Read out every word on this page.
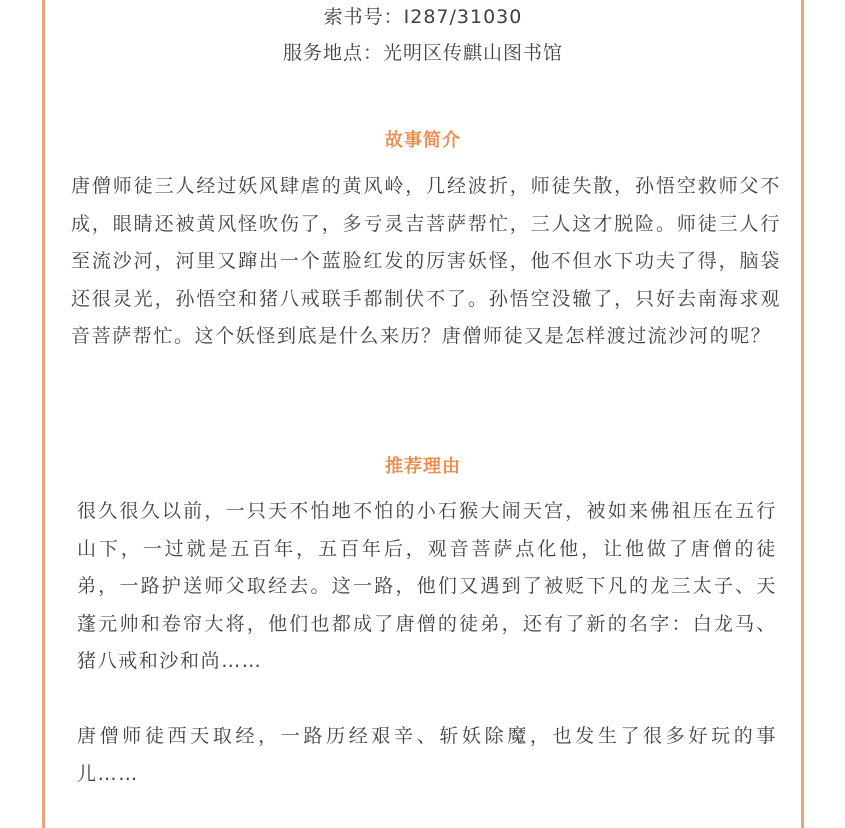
索书号：I287/31030
服务地点：光明区传麒山图书馆
故事简介
唐僧师徒三人经过妖风肆虐的黄风岭，几经波折，师徒失散，孙悟空救师父不成，眼睛还被黄风怪吹伤了，多亏灵吉菩萨帮忙，三人这才脱险。师徒三人行至流沙河，河里又蹿出一个蓝脸红发的厉害妖怪，他不但水下功夫了得，脑袋还很灵光，孙悟空和猪八戒联手都制伏不了。孙悟空没辙了，只好去南海求观音菩萨帮忙。这个妖怪到底是什么来历？唐僧师徒又是怎样渡过流沙河的呢？
推荐理由
很久很久以前，一只天不怕地不怕的小石猴大闹天宫，被如来佛祖压在五行山下，一过就是五百年，五百年后，观音菩萨点化他，让他做了唐僧的徒弟，一路护送师父取经去。这一路，他们又遇到了被贬下凡的龙三太子、天蓬元帅和卷帘大将，他们也都成了唐僧的徒弟，还有了新的名字：白龙马、猪八戒和沙和尚……
唐僧师徒西天取经，一路历经艰辛、斩妖除魔，也发生了很多好玩的事儿……
